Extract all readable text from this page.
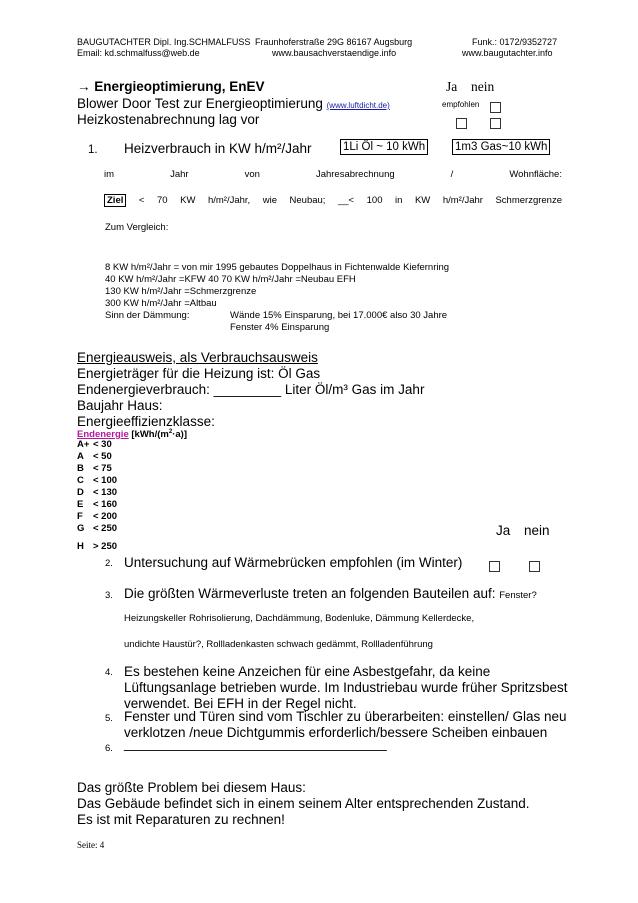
BAUGUTACHTER Dipl. Ing.SCHMALFUSS
Email: kd.schmalfuss@web.de
Fraunhoferstraße 29G 86167 Augsburg
www.bausachverstaendige.info
Funk.: 0172/9352727
www.baugutachter.info
→ Energieoptimierung, EnEV	Ja nein
Blower Door Test zur Energieoptimierung (www.luftdicht.de)	empfohlen
Heizkostenabrechnung lag vor
1. Heizverbrauch in KW h/m²/Jahr	1Li Öl ~ 10 kWh	1m3 Gas~10 kWh
im	Jahr	von	Jahresabrechnung	/	Wohnfläche:
Ziel	< 70 KW h/m²/Jahr, wie Neubau; __< 100 in KW h/m²/Jahr Schmerzgrenze
Zum Vergleich:
8 KW h/m²/Jahr = von mir 1995 gebautes Doppelhaus in Fichtenwalde Kiefernring
40 KW h/m²/Jahr =KFW 40 70 KW h/m²/Jahr =Neubau EFH
130 KW h/m²/Jahr =Schmerzgrenze
300 KW h/m²/Jahr =Altbau
Sinn der Dämmung:	Wände 15% Einsparung, bei 17.000€ also 30 Jahre
Fenster 4% Einsparung
Energieausweis, als Verbrauchsausweis
Energieträger für die Heizung ist: Öl Gas
Endenergieverbrauch: _________ Liter Öl/m³ Gas im Jahr
Baujahr Haus:
Energieeffizienzklasse:
Endenergie $[kWh/(m^2\cdot a)]$
A+ < 30
A < 50
B < 75
C < 100
D < 130
E	< 160
F	< 200
G < 250
H > 250
Ja nein
2. Untersuchung auf Wärmebrücken empfohlen (im Winter)
3. Die größten Wärmeverluste treten an folgenden Bauteilen auf: Fenster?
Heizungskeller Rohrisolierung, Dachdämmung, Bodenluke, Dämmung Kellerdecke,
undichte Haustür?, Rollladenkasten schwach gedämmt, Rollladenführung
4. Es bestehen keine Anzeichen für eine Asbestgefahr, da keine
Lüftungsanlage betrieben wurde. Im Industriebau wurde früher Spritzsbest
verwendet. Bei EFH in der Regel nicht.
5. Fenster und Türen sind vom Tischler zu überarbeiten: einstellen/ Glas neu
verklotzen /neue Dichtgummis erforderlich/bessere Scheiben einbauen
6. ___________________________________
Das größte Problem bei diesem Haus:
Das Gebäude befindet sich in einem seinem Alter entsprechenden Zustand.
Es ist mit Reparaturen zu rechnen!
Seite: 4
